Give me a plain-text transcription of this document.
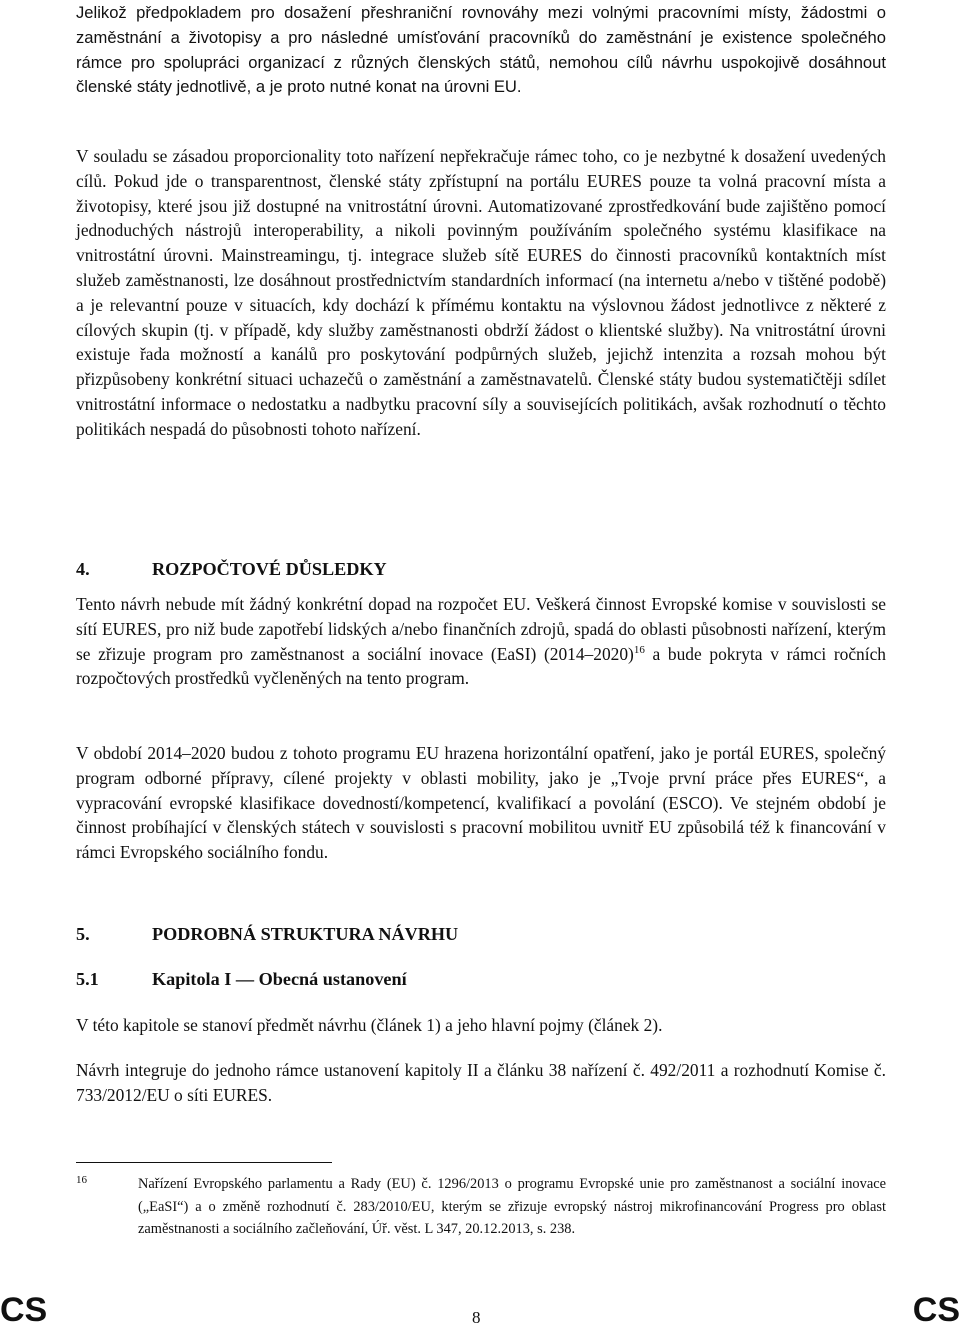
Jelikož předpokladem pro dosažení přeshraniční rovnováhy mezi volnými pracovními místy, žádostmi o zaměstnání a životopisy a pro následné umísťování pracovníků do zaměstnání je existence společného rámce pro spolupráci organizací z různých členských států, nemohou cílů návrhu uspokojivě dosáhnout členské státy jednotlivě, a je proto nutné konat na úrovni EU.

V souladu se zásadou proporcionality toto nařízení nepřekračuje rámec toho, co je nezbytné k dosažení uvedených cílů. Pokud jde o transparentnost, členské státy zpřístupní na portálu EURES pouze ta volná pracovní místa a životopisy, které jsou již dostupné na vnitrostátní úrovni. Automatizované zprostředkování bude zajištěno pomocí jednoduchých nástrojů interoperability, a nikoli povinným používáním společného systému klasifikace na vnitrostátní úrovni. Mainstreamingu, tj. integrace služeb sítě EURES do činnosti pracovníků kontaktních míst služeb zaměstnanosti, lze dosáhnout prostřednictvím standardních informací (na internetu a/nebo v tištěné podobě) a je relevantní pouze v situacích, kdy dochází k přímému kontaktu na výslovnou žádost jednotlivce z některé z cílových skupin (tj. v případě, kdy služby zaměstnanosti obdrží žádost o klientské služby). Na vnitrostátní úrovni existuje řada možností a kanálů pro poskytování podpůrných služeb, jejichž intenzita a rozsah mohou být přizpůsobeny konkrétní situaci uchazečů o zaměstnání a zaměstnavatelů. Členské státy budou systematičtěji sdílet vnitrostátní informace o nedostatku a nadbytku pracovní síly a souvisejících politikách, avšak rozhodnutí o těchto politikách nespadá do působnosti tohoto nařízení.

4.	ROZPOČTOVÉ DŮSLEDKY

Tento návrh nebude mít žádný konkrétní dopad na rozpočet EU. Veškerá činnost Evropské komise v souvislosti se sítí EURES, pro niž bude zapotřebí lidských a/nebo finančních zdrojů, spadá do oblasti působnosti nařízení, kterým se zřizuje program pro zaměstnanost a sociální inovace (EaSI) (2014–2020)$^{16}$ a bude pokryta v rámci ročních rozpočtových prostředků vyčleněných na tento program.

V období 2014–2020 budou z tohoto programu EU hrazena horizontální opatření, jako je portál EURES, společný program odborné přípravy, cílené projekty v oblasti mobility, jako je „Tvoje první práce přes EURES“, a vypracování evropské klasifikace dovedností/kompetencí, kvalifikací a povolání (ESCO). Ve stejném období je činnost probíhající v členských státech v souvislosti s pracovní mobilitou uvnitř EU způsobilá též k financování v rámci Evropského sociálního fondu.

5.	PODROBNÁ STRUKTURA NÁVRHU
5.1	Kapitola I — Obecná ustanovení

V této kapitole se stanoví předmět návrhu (článek 1) a jeho hlavní pojmy (článek 2).

Návrh integruje do jednoho rámce ustanovení kapitoly II a článku 38 nařízení č. 492/2011 a rozhodnutí Komise č. 733/2012/EU o síti EURES.

16	Nařízení Evropského parlamentu a Rady (EU) č. 1296/2013 o programu Evropské unie pro zaměstnanost a sociální inovace („EaSI“) a o změně rozhodnutí č. 283/2010/EU, kterým se zřizuje evropský nástroj mikrofinancování Progress pro oblast zaměstnanosti a sociálního začleňování, Úř. věst. L 347, 20.12.2013, s. 238.
CS	8	CS
